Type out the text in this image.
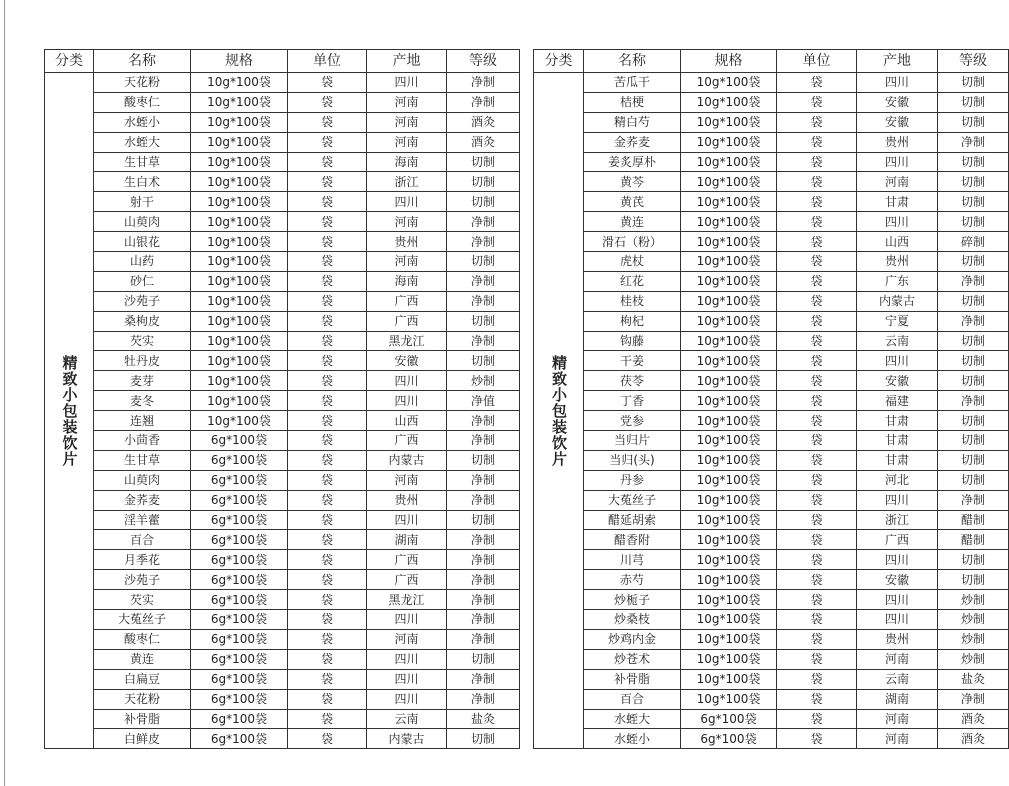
分类	名称	规格	单位	产地	等级
精致小包装饮片	天花粉	10g*100袋	袋	四川	净制
	酸枣仁	10g*100袋	袋	河南	净制
	水蛭小	10g*100袋	袋	河南	酒灸
	水蛭大	10g*100袋	袋	河南	酒灸
	生甘草	10g*100袋	袋	海南	切制
	生白术	10g*100袋	袋	浙江	切制
	射干	10g*100袋	袋	四川	切制
	山萸肉	10g*100袋	袋	河南	净制
	山银花	10g*100袋	袋	贵州	净制
	山药	10g*100袋	袋	河南	切制
	砂仁	10g*100袋	袋	海南	净制
	沙苑子	10g*100袋	袋	广西	净制
	桑枸皮	10g*100袋	袋	广西	切制
	芡实	10g*100袋	袋	黑龙江	净制
	牡丹皮	10g*100袋	袋	安徽	切制
	麦芽	10g*100袋	袋	四川	炒制
	麦冬	10g*100袋	袋	四川	净值
	连翘	10g*100袋	袋	山西	净制
	小茴香	6g*100袋	袋	广西	净制
	生甘草	6g*100袋	袋	内蒙古	切制
	山萸肉	6g*100袋	袋	河南	净制
	金荞麦	6g*100袋	袋	贵州	净制
	淫羊藿	6g*100袋	袋	四川	切制
	百合	6g*100袋	袋	湖南	净制
	月季花	6g*100袋	袋	广西	净制
	沙苑子	6g*100袋	袋	广西	净制
	芡实	6g*100袋	袋	黑龙江	净制
	大菟丝子	6g*100袋	袋	四川	净制
	酸枣仁	6g*100袋	袋	河南	净制
	黄连	6g*100袋	袋	四川	切制
	白扁豆	6g*100袋	袋	四川	净制
	天花粉	6g*100袋	袋	四川	净制
	补骨脂	6g*100袋	袋	云南	盐灸
	白鲜皮	6g*100袋	袋	内蒙古	切制
分类	名称	规格	单位	产地	等级
精致小包装饮片	苦瓜干	10g*100袋	袋	四川	切制
	桔梗	10g*100袋	袋	安徽	切制
	精白芍	10g*100袋	袋	安徽	切制
	金荞麦	10g*100袋	袋	贵州	净制
	姜炙厚朴	10g*100袋	袋	四川	切制
	黄芩	10g*100袋	袋	河南	切制
	黄芪	10g*100袋	袋	甘肃	切制
	黄连	10g*100袋	袋	四川	切制
	滑石（粉）	10g*100袋	袋	山西	碎制
	虎杖	10g*100袋	袋	贵州	切制
	红花	10g*100袋	袋	广东	净制
	桂枝	10g*100袋	袋	内蒙古	切制
	枸杞	10g*100袋	袋	宁夏	净制
	钩藤	10g*100袋	袋	云南	切制
	干姜	10g*100袋	袋	四川	切制
	茯苓	10g*100袋	袋	安徽	切制
	丁香	10g*100袋	袋	福建	净制
	党参	10g*100袋	袋	甘肃	切制
	当归片	10g*100袋	袋	甘肃	切制
	当归(头)	10g*100袋	袋	甘肃	切制
	丹参	10g*100袋	袋	河北	切制
	大菟丝子	10g*100袋	袋	四川	净制
	醋延胡索	10g*100袋	袋	浙江	醋制
	醋香附	10g*100袋	袋	广西	醋制
	川芎	10g*100袋	袋	四川	切制
	赤芍	10g*100袋	袋	安徽	切制
	炒栀子	10g*100袋	袋	四川	炒制
	炒桑枝	10g*100袋	袋	四川	炒制
	炒鸡内金	10g*100袋	袋	贵州	炒制
	炒苍术	10g*100袋	袋	河南	炒制
	补骨脂	10g*100袋	袋	云南	盐灸
	百合	10g*100袋	袋	湖南	净制
	水蛭大	6g*100袋	袋	河南	酒灸
	水蛭小	6g*100袋	袋	河南	酒灸
